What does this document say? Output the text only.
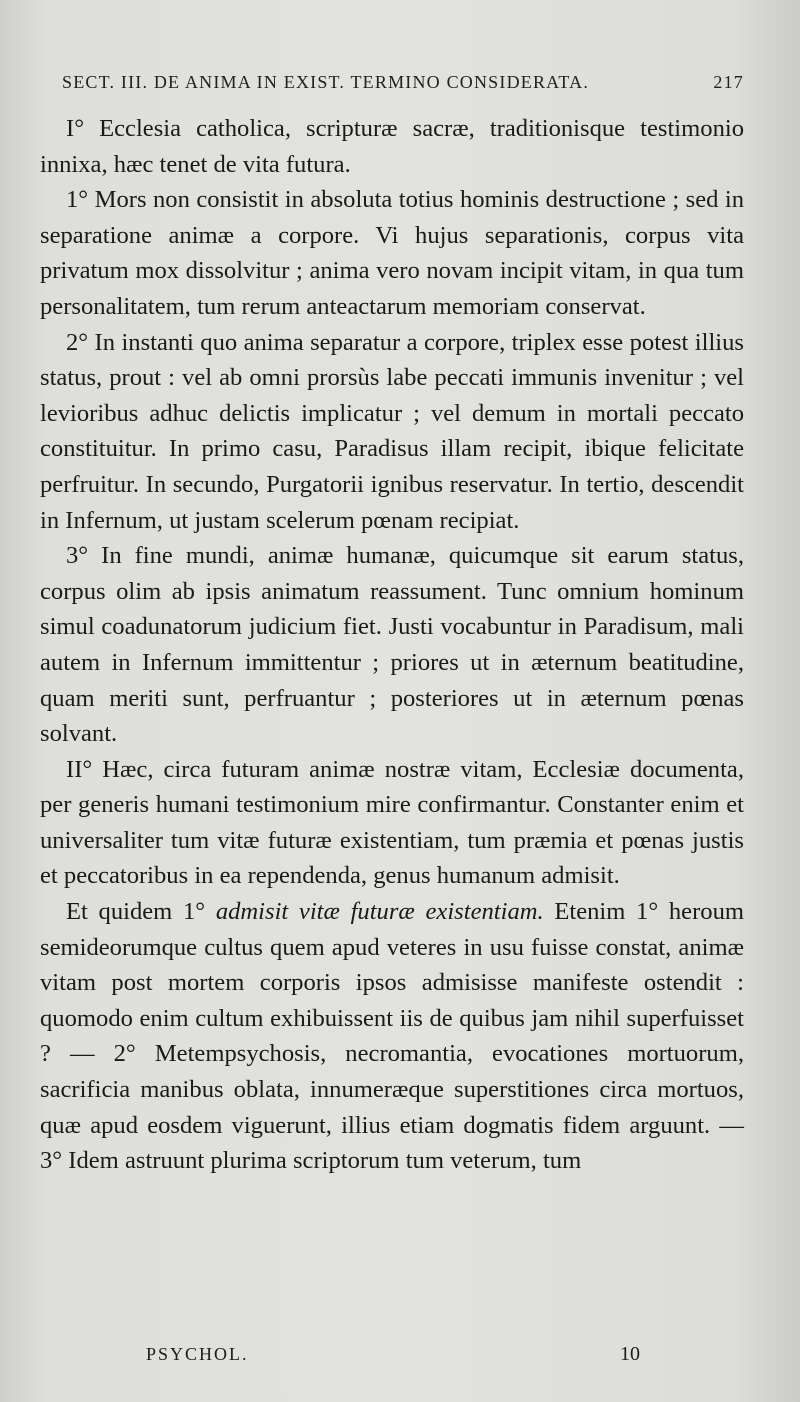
SECT. III. DE ANIMA IN EXIST. TERMINO CONSIDERATA.	217

I° Ecclesia catholica, scripturæ sacræ, traditionisque testimonio innixa, hæc tenet de vita futura.

1° Mors non consistit in absoluta totius hominis destructione ; sed in separatione animæ a corpore. Vi hujus separationis, corpus vita privatum mox dissolvitur ; anima vero novam incipit vitam, in qua tum personalitatem, tum rerum anteactarum memoriam conservat.

2° In instanti quo anima separatur a corpore, triplex esse potest illius status, prout : vel ab omni prorsùs labe peccati immunis invenitur ; vel levioribus adhuc delictis implicatur ; vel demum in mortali peccato constituitur. In primo casu, Paradisus illam recipit, ibique felicitate perfruitur. In secundo, Purgatorii ignibus reservatur. In tertio, descendit in Infernum, ut justam scelerum pœnam recipiat.

3° In fine mundi, animæ humanæ, quicumque sit earum status, corpus olim ab ipsis animatum reassument. Tunc omnium hominum simul coadunatorum judicium fiet. Justi vocabuntur in Paradisum, mali autem in Infernum immittentur ; priores ut in æternum beatitudine, quam meriti sunt, perfruantur ; posteriores ut in æternum pœnas solvant.

II° Hæc, circa futuram animæ nostræ vitam, Ecclesiæ documenta, per generis humani testimonium mire confirmantur. Constanter enim et universaliter tum vitæ futuræ existentiam, tum præmia et pœnas justis et peccatoribus in ea rependenda, genus humanum admisit.

Et quidem 1° admisit vitæ futuræ existentiam. Etenim 1° heroum semideorumque cultus quem apud veteres in usu fuisse constat, animæ vitam post mortem corporis ipsos admisisse manifeste ostendit : quomodo enim cultum exhibuissent iis de quibus jam nihil superfuisset ? — 2° Metempsychosis, necromantia, evocationes mortuorum, sacrificia manibus oblata, innumeræque superstitiones circa mortuos, quæ apud eosdem viguerunt, illius etiam dogmatis fidem arguunt. — 3° Idem astruunt plurima scriptorum tum veterum, tum

PSYCHOL.	10
